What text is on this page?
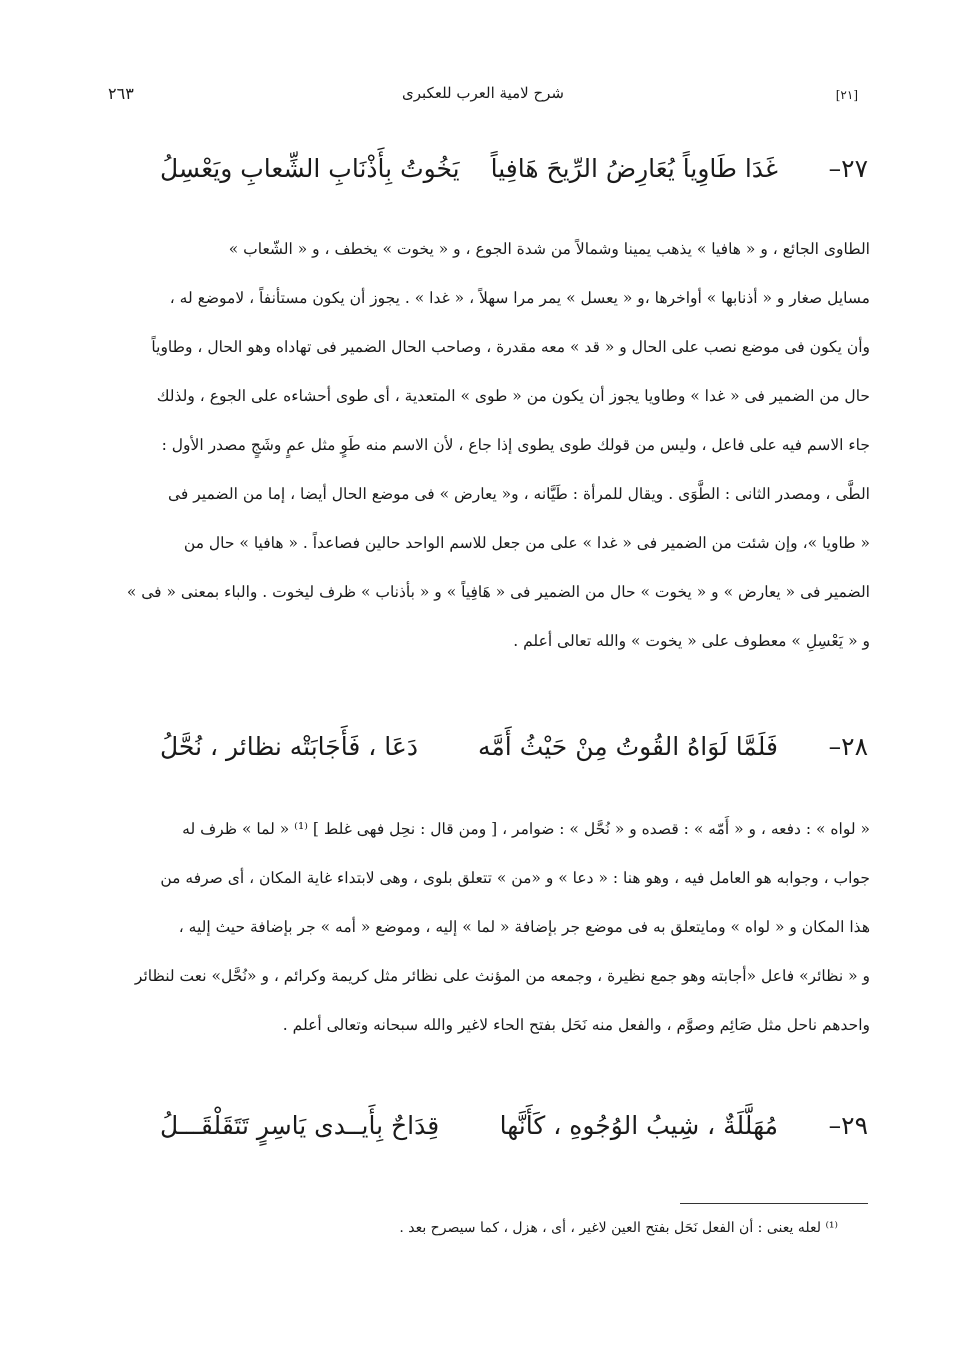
[٢١]
شرح لامية العرب للعكبرى
٢٦٣
٢٧–
غَدَا طَاوِياً يُعَارِضُ الرِّيحَ هَافِياً
يَخُوتُ بِأَذْنَابِ الشِّعابِ ويَعْسِلُ
الطاوى الجائع ، و « هافيا » يذهب يمينا وشمالاً من شدة الجوع ، و « يخوت » يخطف ، و « الشّعاب »
مسايل صغار و « أذنابها » أواخرها ،و « يعسل » يمر مرا سهلاً ، « غدا » . يجوز أن يكون مستأنفاً ، لاموضع له ،
وأن يكون فى موضع نصب على الحال و « قد » معه مقدرة ، وصاحب الحال الضمير فى تهاداه وهو الحال ، وطاوياً
حال من الضمير فى « غدا » وطاويا يجوز أن يكون من « طوى » المتعدية ، أى طوى أحشاءه على الجوع ، ولذلك
جاء الاسم فيه على فاعل ، وليس من قولك طوى يطوى إذا جاع ، لأن الاسم منه طَوٍ مثل عمٍ وشَجٍ مصدر الأول :
الطَّى ، ومصدر الثانى : الطَّوَى . ويقال للمرأة : طَيَّانه ، و« يعارض » فى موضع الحال أيضا ، إما من الضمير فى
« طاويا »، وإن شئت من الضمير فى « غدا » على من جعل للاسم الواحد حالين فصاعداً . « هافيا » حال من
الضمير فى « يعارض » و « يخوت » حال من الضمير فى « هَافِياً » و « بأذناب » ظرف ليخوت . والباء بمعنى « فى »
و « يَعْسِلِ » معطوف على « يخوت » والله تعالى أعلم .
٢٨–
فَلَمَّا لَوَاهُ القُوتُ مِنْ حَيْثُ أَمَّه
دَعَا ، فَأَجَابَتْه نظائر ، نُحَّلُ
« لواه » : دفعه ، و « أَمّه » : قصده و « نُحَّل » : ضوامر ، [ ومن قال : نحِل فهى غلط ] ⁽¹⁾ « لما » ظرف له
جواب ، وجوابه هو العامل فيه ، وهو هنا : « دعا » و «من » تتعلق بلوى ، وهى لابتداء غاية المكان ، أى صرفه من
هذا المكان و « لواه » ومايتعلق به فى موضع جر بإضافة « لما » إليه ، وموضع « أمه » جر بإضافة حيث إليه ،
و « نظائر» فاعل «أجابته وهو جمع نظيرة ، وجمعه من المؤنث على نظائر مثل كريمة وكرائم ، و «نُحَّل» نعت لنظائر
واحدهم ناحل مثل صَائِم وصوَّم ، والفعل منه نَحَل بفتح الحاء لاغير والله سبحانه وتعالى أعلم .
٢٩–
مُهَلَّلَةٌ ، شِيبُ الوُجُوهِ ، كَأَنَّها
قِدَاحٌ بِأَيــدى يَاسِرٍ تَتَقَلْقَـــلُ
⁽¹⁾ لعله يعنى : أن الفعل نَحَل بفتح العين لاغير ، أى ، هزل ، كما سيصرح بعد .
